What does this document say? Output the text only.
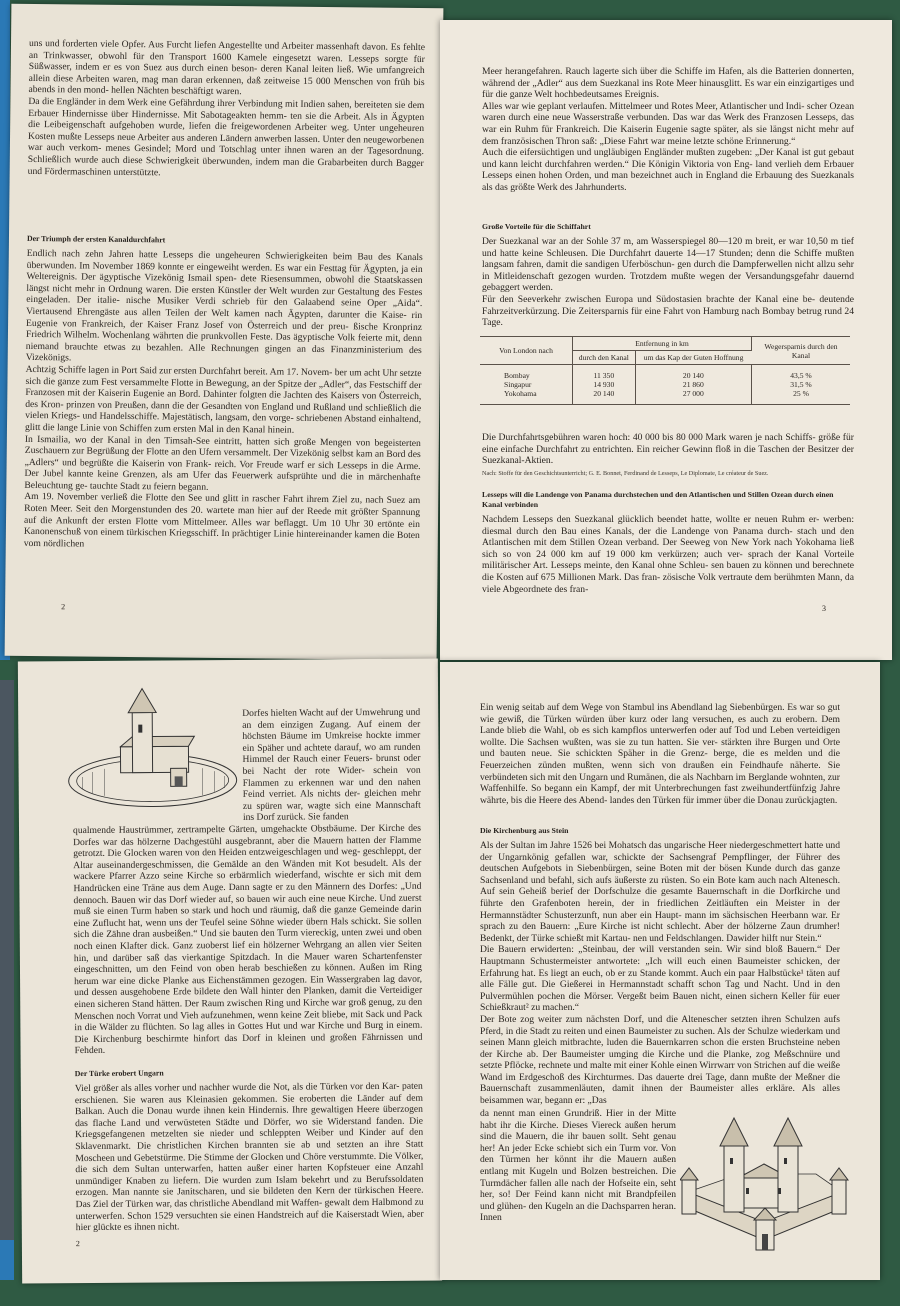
uns und forderten viele Opfer. Aus Furcht liefen Angestellte und Arbeiter massenhaft davon. Es fehlte an Trinkwasser, obwohl für den Transport 1600 Kamele eingesetzt waren. Lesseps sorgte für Süßwasser, indem er es von Suez aus durch einen beson- deren Kanal leiten ließ. Wie umfangreich allein diese Arbeiten waren, mag man daran erkennen, daß zeitweise 15 000 Menschen von früh bis abends in den mond- hellen Nächten beschäftigt waren.
Da die Engländer in dem Werk eine Gefährdung ihrer Verbindung mit Indien sahen, bereiteten sie dem Erbauer Hindernisse über Hindernisse. Mit Sabotageakten hemm- ten sie die Arbeit. Als in Ägypten die Leibeigenschaft aufgehoben wurde, liefen die freigewordenen Arbeiter weg. Unter ungeheuren Kosten mußte Lesseps neue Arbeiter aus anderen Ländern anwerben lassen. Unter den neugeworbenen war auch verkom- menes Gesindel; Mord und Totschlag unter ihnen waren an der Tagesordnung. Schließlich wurde auch diese Schwierigkeit überwunden, indem man die Grabarbeiten durch Bagger und Fördermaschinen unterstützte.

Der Triumph der ersten Kanaldurchfahrt

Endlich nach zehn Jahren hatte Lesseps die ungeheuren Schwierigkeiten beim Bau des Kanals überwunden. Im November 1869 konnte er eingeweiht werden. Es war ein Festtag für Ägypten, ja ein Weltereignis. Der ägyptische Vizekönig Ismail spen- dete Riesensummen, obwohl die Staatskassen längst nicht mehr in Ordnung waren. Die ersten Künstler der Welt wurden zur Gestaltung des Festes eingeladen. Der italie- nische Musiker Verdi schrieb für den Galaabend seine Oper „Aida“. Viertausend Ehrengäste aus allen Teilen der Welt kamen nach Ägypten, darunter die Kaise- rin Eugenie von Frankreich, der Kaiser Franz Josef von Österreich und der preu- ßische Kronprinz Friedrich Wilhelm. Wochenlang währten die prunkvollen Feste. Das ägyptische Volk feierte mit, denn niemand brauchte etwas zu bezahlen. Alle Rechnungen gingen an das Finanzministerium des Vizekönigs.
Achtzig Schiffe lagen in Port Said zur ersten Durchfahrt bereit. Am 17. Novem- ber um acht Uhr setzte sich die ganze zum Fest versammelte Flotte in Bewegung, an der Spitze der „Adler“, das Festschiff der Franzosen mit der Kaiserin Eugenie an Bord. Dahinter folgten die Jachten des Kaisers von Österreich, des Kron- prinzen von Preußen, dann die der Gesandten von England und Rußland und schließlich die vielen Kriegs- und Handelsschiffe. Majestätisch, langsam, den vorge- schriebenen Abstand einhaltend, glitt die lange Linie von Schiffen zum ersten Mal in den Kanal hinein.
In Ismailia, wo der Kanal in den Timsah-See eintritt, hatten sich große Mengen von begeisterten Zuschauern zur Begrüßung der Flotte an den Ufern versammelt. Der Vizekönig selbst kam an Bord des „Adlers“ und begrüßte die Kaiserin von Frank- reich. Vor Freude warf er sich Lesseps in die Arme. Der Jubel kannte keine Grenzen, als am Ufer das Feuerwerk aufsprühte und die in märchenhafte Beleuchtung ge- tauchte Stadt zu feiern begann.
Am 19. November verließ die Flotte den See und glitt in rascher Fahrt ihrem Ziel zu, nach Suez am Roten Meer. Seit den Morgenstunden des 20. wartete man hier auf der Reede mit größter Spannung auf die Ankunft der ersten Flotte vom Mittelmeer. Alles war beflaggt. Um 10 Uhr 30 ertönte ein Kanonenschuß von einem türkischen Kriegsschiff. In prächtiger Linie hintereinander kamen die Boten vom nördlichen

2

Meer herangefahren. Rauch lagerte sich über die Schiffe im Hafen, als die Batterien donnerten, während der „Adler“ aus dem Suezkanal ins Rote Meer hinausglitt. Es war ein einzigartiges und für die ganze Welt hochbedeutsames Ereignis.
Alles war wie geplant verlaufen. Mittelmeer und Rotes Meer, Atlantischer und Indi- scher Ozean waren durch eine neue Wasserstraße verbunden. Das war das Werk des Franzosen Lesseps, das war ein Ruhm für Frankreich. Die Kaiserin Eugenie sagte später, als sie längst nicht mehr auf dem französischen Thron saß: „Diese Fahrt war meine letzte schöne Erinnerung.“
Auch die eifersüchtigen und ungläubigen Engländer mußten zugeben: „Der Kanal ist gut gebaut und kann leicht durchfahren werden.“ Die Königin Viktoria von Eng- land verlieh dem Erbauer Lesseps einen hohen Orden, und man bezeichnet auch in England die Erbauung des Suezkanals als das größte Werk des Jahrhunderts.

Große Vorteile für die Schiffahrt

Der Suezkanal war an der Sohle 37 m, am Wasserspiegel 80—120 m breit, er war 10,50 m tief und hatte keine Schleusen. Die Durchfahrt dauerte 14—17 Stunden; denn die Schiffe mußten langsam fahren, damit die sandigen Uferböschun- gen durch die Dampferwellen nicht allzu sehr in Mitleidenschaft gezogen wurden. Trotzdem mußte wegen der Versandungsgefahr dauernd gebaggert werden.
Für den Seeverkehr zwischen Europa und Südostasien brachte der Kanal eine be- deutende Fahrzeitverkürzung. Die Zeitersparnis für eine Fahrt von Hamburg nach Bombay betrug rund 24 Tage.

Von London nach	Entfernung in km		Wegersparnis durch den Kanal
	durch den Kanal	um das Kap der Guten Hoffnung	
Bombay	11 350	20 140	43,5 %
Singapur	14 930	21 860	31,5 %
Yokohama	20 140	27 000	25 %

Die Durchfahrtsgebühren waren hoch: 40 000 bis 80 000 Mark waren je nach Schiffs- größe für eine einfache Durchfahrt zu entrichten. Ein reicher Gewinn floß in die Taschen der Besitzer der Suezkanal-Aktien.

Nach: Stoffe für den Geschichtsunterricht; G. E. Bonnet, Ferdinand de Lesseps, Le Diplomate, Le créateur de Suez.

Lesseps will die Landenge von Panama durchstechen und den Atlantischen und Stillen Ozean durch einen Kanal verbinden

Nachdem Lesseps den Suezkanal glücklich beendet hatte, wollte er neuen Ruhm er- werben: diesmal durch den Bau eines Kanals, der die Landenge von Panama durch- stach und den Atlantischen mit dem Stillen Ozean verband. Der Seeweg von New York nach Yokohama ließ sich so von 24 000 km auf 19 000 km verkürzen; auch ver- sprach der Kanal Vorteile militärischer Art. Lesseps meinte, den Kanal ohne Schleu- sen bauen zu können und berechnete die Kosten auf 675 Millionen Mark. Das fran- zösische Volk vertraute dem berühmten Mann, da viele Abgeordnete des fran-

3

Dorfes hielten Wacht auf der Umwehrung und an dem einzigen Zugang. Auf einem der höchsten Bäume im Umkreise hockte immer ein Späher und achtete darauf, wo am runden Himmel der Rauch einer Feuers- brunst oder bei Nacht der rote Wider- schein von Flammen zu erkennen war und den nahen Feind verriet. Als nichts der- gleichen mehr zu spüren war, wagte sich eine Mannschaft ins Dorf zurück. Sie fanden

qualmende Haustrümmer, zertrampelte Gärten, umgehackte Obstbäume. Der Kirche des Dorfes war das hölzerne Dachgestühl ausgebrannt, aber die Mauern hatten der Flamme getrotzt. Die Glocken waren von den Heiden entzweigeschlagen und weg- geschleppt, der Altar auseinandergeschmissen, die Gemälde an den Wänden mit Kot besudelt. Als der wackere Pfarrer Azzo seine Kirche so erbärmlich wiederfand, wischte er sich mit dem Handrücken eine Träne aus dem Auge. Dann sagte er zu den Männern des Dorfes: „Und dennoch. Bauen wir das Dorf wieder auf, so bauen wir auch eine neue Kirche. Und zuerst muß sie einen Turm haben so stark und hoch und räumig, daß die ganze Gemeinde darin eine Zuflucht hat, wenn uns der Teufel seine Söhne wieder übern Hals schickt. Sie sollen sich die Zähne dran ausbeißen.“ Und sie bauten den Turm viereckig, unten zwei und oben noch einen Klafter dick. Ganz zuoberst lief ein hölzerner Wehrgang an allen vier Seiten hin, und darüber saß das vierkantige Spitzdach. In die Mauer waren Schartenfenster eingeschnitten, um den Feind von oben herab beschießen zu können. Außen im Ring herum war eine dicke Planke aus Eichenstämmen gezogen. Ein Wassergraben lag davor, und dessen ausgehobene Erde bildete den Wall hinter den Planken, damit die Verteidiger einen sicheren Stand hätten. Der Raum zwischen Ring und Kirche war groß genug, zu den Menschen noch Vorrat und Vieh aufzunehmen, wenn keine Zeit bliebe, mit Sack und Pack in die Wälder zu flüchten. So lag alles in Gottes Hut und war Kirche und Burg in einem. Die Kirchenburg beschirmte hinfort das Dorf in kleinen und großen Fährnissen und Fehden.

Der Türke erobert Ungarn

Viel größer als alles vorher und nachher wurde die Not, als die Türken vor den Kar- paten erschienen. Sie waren aus Kleinasien gekommen. Sie eroberten die Länder auf dem Balkan. Auch die Donau wurde ihnen kein Hindernis. Ihre gewaltigen Heere überzogen das flache Land und verwüsteten Städte und Dörfer, wo sie Widerstand fanden. Die Kriegsgefangenen metzelten sie nieder und schleppten Weiber und Kinder auf den Sklavenmarkt. Die christlichen Kirchen brannten sie ab und setzten an ihre Statt Moscheen und Gebetstürme. Die Stimme der Glocken und Chöre verstummte. Die Völker, die sich dem Sultan unterwarfen, hatten außer einer harten Kopfsteuer eine Anzahl unmündiger Knaben zu liefern. Die wurden zum Islam bekehrt und zu Berufssoldaten erzogen. Man nannte sie Janitscharen, und sie bildeten den Kern der türkischen Heere. Das Ziel der Türken war, das christliche Abendland mit Waffen- gewalt dem Halbmond zu unterwerfen. Schon 1529 versuchten sie einen Handstreich auf die Kaiserstadt Wien, aber hier glückte es ihnen nicht.

2

Ein wenig seitab auf dem Wege von Stambul ins Abendland lag Siebenbürgen. Es war so gut wie gewiß, die Türken würden über kurz oder lang versuchen, es auch zu erobern. Dem Lande blieb die Wahl, ob es sich kampflos unterwerfen oder auf Tod und Leben verteidigen wollte. Die Sachsen wußten, was sie zu tun hatten. Sie ver- stärkten ihre Burgen und Orte und bauten neue. Sie schickten Späher in die Grenz- berge, die es melden und die Feuerzeichen zünden mußten, wenn sich von draußen ein Feindhaufe näherte. Sie verbündeten sich mit den Ungarn und Rumänen, die als Nachbarn im Berglande wohnten, zur Waffenhilfe. So begann ein Kampf, der mit Unterbrechungen fast zweihundertfünfzig Jahre währte, bis die Heere des Abend- landes den Türken für immer über die Donau zurückjagten.

Die Kirchenburg aus Stein

Als der Sultan im Jahre 1526 bei Mohatsch das ungarische Heer niedergeschmettert hatte und der Ungarnkönig gefallen war, schickte der Sachsengraf Pempflinger, der Führer des deutschen Aufgebots in Siebenbürgen, seine Boten mit der bösen Kunde durch das ganze Sachsenland und befahl, sich aufs äußerste zu rüsten. So ein Bote kam auch nach Altenesch. Auf sein Geheiß berief der Dorfschulze die gesamte Bauernschaft in die Dorfkirche und führte den Grafenboten herein, der in friedlichen Zeitläuften ein Meister in der Hermannstädter Schusterzunft, nun aber ein Haupt- mann im sächsischen Heerbann war. Er sprach zu den Bauern: „Eure Kirche ist nicht schlecht. Aber der hölzerne Zaun drumher! Bedenkt, der Türke schießt mit Kartau- nen und Feldschlangen. Dawider hilft nur Stein.“
Die Bauern erwiderten: „Steinbau, der will verstanden sein. Wir sind bloß Bauern.“ Der Hauptmann Schustermeister antwortete: „Ich will euch einen Baumeister schicken, der Erfahrung hat. Es liegt an euch, ob er zu Stande kommt. Auch ein paar Halbstücke¹ täten auf alle Fälle gut. Die Gießerei in Hermannstadt schafft schon Tag und Nacht. Und in den Pulvermühlen pochen die Mörser. Vergeßt beim Bauen nicht, einen sichern Keller für euer Schießkraut² zu machen.“
Der Bote zog weiter zum nächsten Dorf, und die Altenescher setzten ihren Schulzen aufs Pferd, in die Stadt zu reiten und einen Baumeister zu suchen. Als der Schulze wiederkam und seinen Mann gleich mitbrachte, luden die Bauernkarren schon die ersten Bruchsteine neben der Kirche ab. Der Baumeister umging die Kirche und die Planke, zog Meßschnüre und setzte Pflöcke, rechnete und malte mit einer Kohle einen Wirrwarr von Strichen auf die weiße Wand im Erdgeschoß des Kirchturmes. Das dauerte drei Tage, dann mußte der Meßner die Bauernschaft zusammenläuten, damit ihnen der Baumeister alles erkläre. Als alles beisammen war, begann er: „Das

da nennt man einen Grundriß. Hier in der Mitte habt ihr die Kirche. Dieses Viereck außen herum sind die Mauern, die ihr bauen sollt. Seht genau her! An jeder Ecke schiebt sich ein Turm vor. Von den Türmen her könnt ihr die Mauern außen entlang mit Kugeln und Bolzen bestreichen. Die Turmdächer fallen alle nach der Hofseite ein, seht her, so! Der Feind kann nicht mit Brandpfeilen und glühen- den Kugeln an die Dachsparren heran. Innen
